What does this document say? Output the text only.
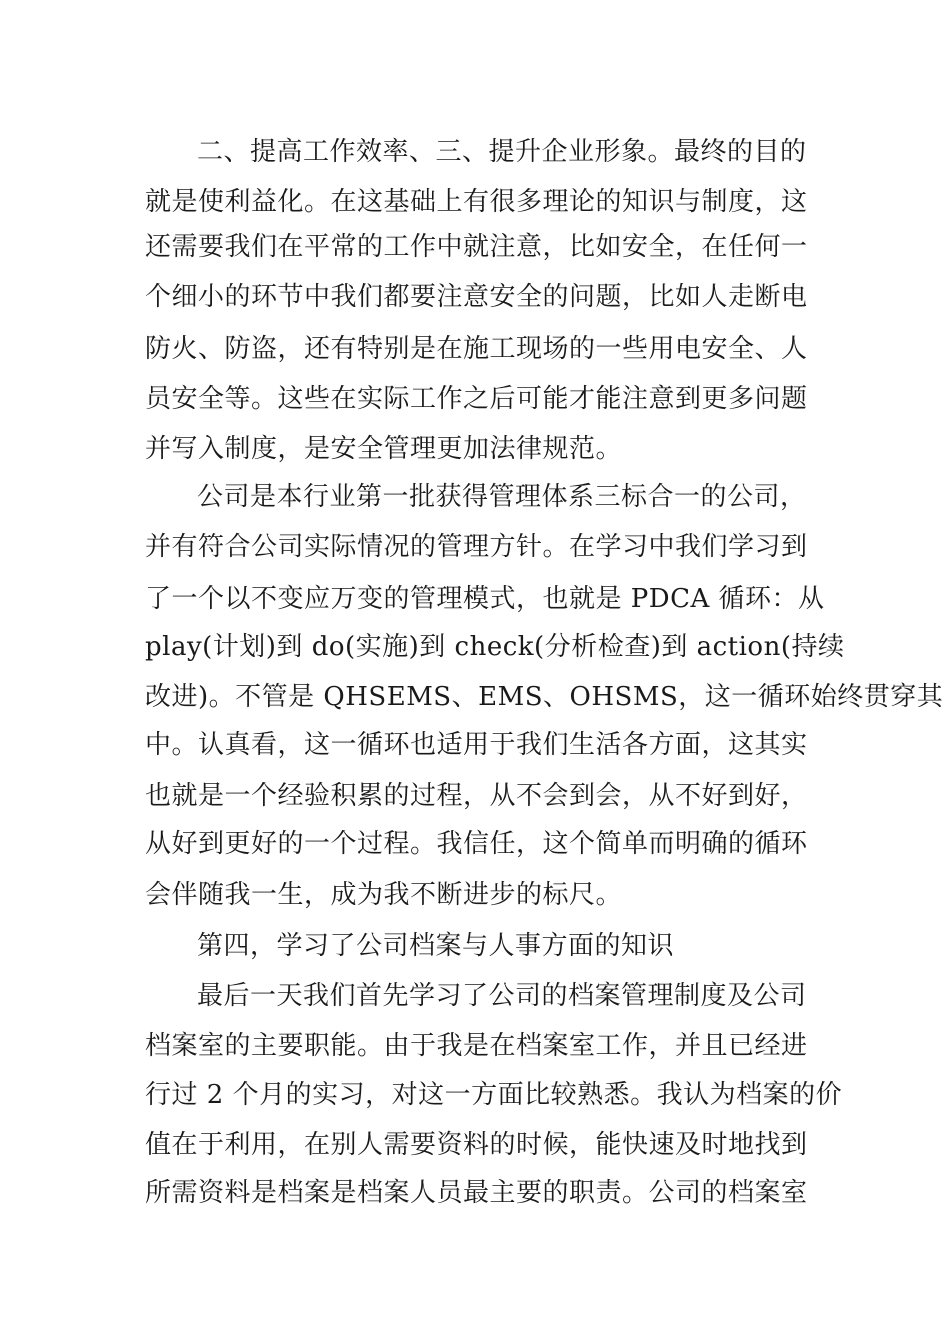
二、提高工作效率、三、提升企业形象。最终的目的
就是使利益化。在这基础上有很多理论的知识与制度，这
还需要我们在平常的工作中就注意，比如安全，在任何一
个细小的环节中我们都要注意安全的问题，比如人走断电
防火、防盗，还有特别是在施工现场的一些用电安全、人
员安全等。这些在实际工作之后可能才能注意到更多问题
并写入制度，是安全管理更加法律规范。
公司是本行业第一批获得管理体系三标合一的公司，
并有符合公司实际情况的管理方针。在学习中我们学习到
了一个以不变应万变的管理模式，也就是 PDCA 循环：从
play(计划)到 do(实施)到 check(分析检查)到 action(持续
改进)。不管是 QHSEMS、EMS、OHSMS，这一循环始终贯穿其
中。认真看，这一循环也适用于我们生活各方面，这其实
也就是一个经验积累的过程，从不会到会，从不好到好，
从好到更好的一个过程。我信任，这个简单而明确的循环
会伴随我一生，成为我不断进步的标尺。
第四，学习了公司档案与人事方面的知识
最后一天我们首先学习了公司的档案管理制度及公司
档案室的主要职能。由于我是在档案室工作，并且已经进
行过 2 个月的实习，对这一方面比较熟悉。我认为档案的价
值在于利用，在别人需要资料的时候，能快速及时地找到
所需资料是档案是档案人员最主要的职责。公司的档案室
